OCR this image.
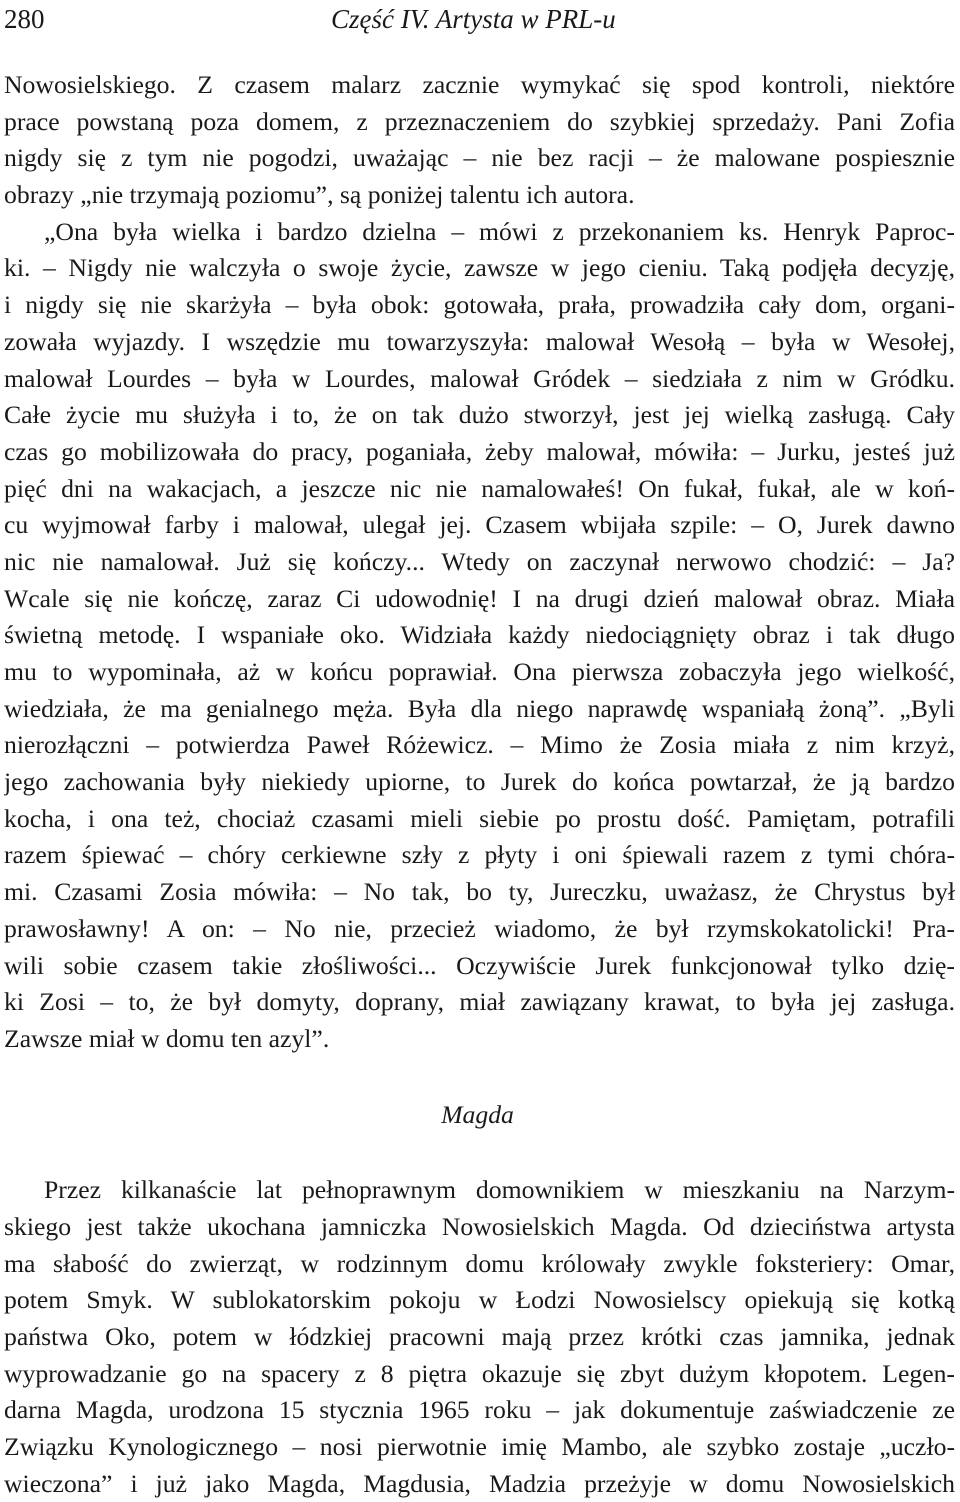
280	Część IV. Artysta w PRL-u
Nowosielskiego. Z czasem malarz zacznie wymykać się spod kontroli, niektóre
prace powstaną poza domem, z przeznaczeniem do szybkiej sprzedaży. Pani Zofia
nigdy się z tym nie pogodzi, uważając – nie bez racji – że malowane pospiesznie
obrazy „nie trzymają poziomu”, są poniżej talentu ich autora.
„Ona była wielka i bardzo dzielna – mówi z przekonaniem ks. Henryk Paproc-
ki. – Nigdy nie walczyła o swoje życie, zawsze w jego cieniu. Taką podjęła decyzję,
i nigdy się nie skarżyła – była obok: gotowała, prała, prowadziła cały dom, organi-
zowała wyjazdy. I wszędzie mu towarzyszyła: malował Wesołą – była w Wesołej,
malował Lourdes – była w Lourdes, malował Gródek – siedziała z nim w Gródku.
Całe życie mu służyła i to, że on tak dużo stworzył, jest jej wielką zasługą. Cały
czas go mobilizowała do pracy, poganiała, żeby malował, mówiła: – Jurku, jesteś już
pięć dni na wakacjach, a jeszcze nic nie namalowałeś! On fukał, fukał, ale w koń-
cu wyjmował farby i malował, ulegał jej. Czasem wbijała szpile: – O, Jurek dawno
nic nie namalował. Już się kończy... Wtedy on zaczynał nerwowo chodzić: – Ja?
Wcale się nie kończę, zaraz Ci udowodnię! I na drugi dzień malował obraz. Miała
świetną metodę. I wspaniałe oko. Widziała każdy niedociągnięty obraz i tak długo
mu to wypominała, aż w końcu poprawiał. Ona pierwsza zobaczyła jego wielkość,
wiedziała, że ma genialnego męża. Była dla niego naprawdę wspaniałą żoną”. „Byli
nierozłączni – potwierdza Paweł Różewicz. – Mimo że Zosia miała z nim krzyż,
jego zachowania były niekiedy upiorne, to Jurek do końca powtarzał, że ją bardzo
kocha, i ona też, chociaż czasami mieli siebie po prostu dość. Pamiętam, potrafili
razem śpiewać – chóry cerkiewne szły z płyty i oni śpiewali razem z tymi chóra-
mi. Czasami Zosia mówiła: – No tak, bo ty, Jureczku, uważasz, że Chrystus był
prawosławny! A on: – No nie, przecież wiadomo, że był rzymskokatolicki! Pra-
wili sobie czasem takie złośliwości... Oczywiście Jurek funkcjonował tylko dzię-
ki Zosi – to, że był domyty, doprany, miał zawiązany krawat, to była jej zasługa.
Zawsze miał w domu ten azyl”.
Magda
Przez kilkanaście lat pełnoprawnym domownikiem w mieszkaniu na Narzym-
skiego jest także ukochana jamniczka Nowosielskich Magda. Od dzieciństwa artysta
ma słabość do zwierząt, w rodzinnym domu królowały zwykle foksteriery: Omar,
potem Smyk. W sublokatorskim pokoju w Łodzi Nowosielscy opiekują się kotką
państwa Oko, potem w łódzkiej pracowni mają przez krótki czas jamnika, jednak
wyprowadzanie go na spacery z 8 piętra okazuje się zbyt dużym kłopotem. Legen-
darna Magda, urodzona 15 stycznia 1965 roku – jak dokumentuje zaświadczenie ze
Związku Kynologicznego – nosi pierwotnie imię Mambo, ale szybko zostaje „uczło-
wieczona” i już jako Magda, Magdusia, Madzia przeżyje w domu Nowosielskich
